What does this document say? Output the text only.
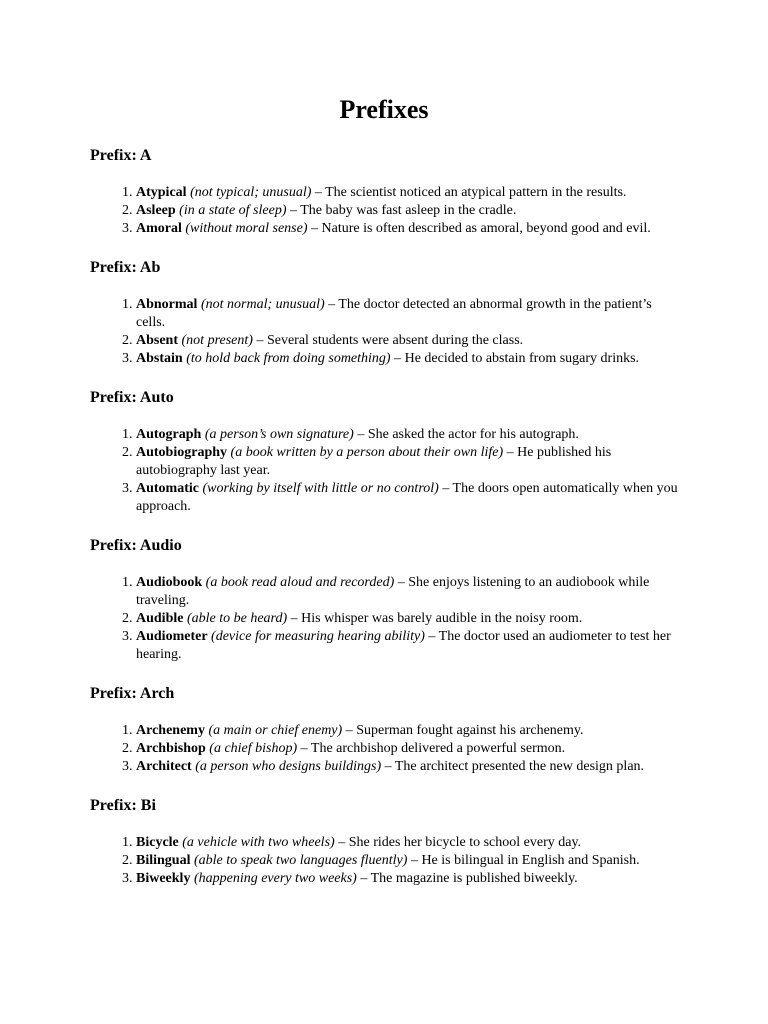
Prefixes
Prefix: A
1. Atypical (not typical; unusual) – The scientist noticed an atypical pattern in the results.
2. Asleep (in a state of sleep) – The baby was fast asleep in the cradle.
3. Amoral (without moral sense) – Nature is often described as amoral, beyond good and evil.
Prefix: Ab
1. Abnormal (not normal; unusual) – The doctor detected an abnormal growth in the patient’s cells.
2. Absent (not present) – Several students were absent during the class.
3. Abstain (to hold back from doing something) – He decided to abstain from sugary drinks.
Prefix: Auto
1. Autograph (a person’s own signature) – She asked the actor for his autograph.
2. Autobiography (a book written by a person about their own life) – He published his autobiography last year.
3. Automatic (working by itself with little or no control) – The doors open automatically when you approach.
Prefix: Audio
1. Audiobook (a book read aloud and recorded) – She enjoys listening to an audiobook while traveling.
2. Audible (able to be heard) – His whisper was barely audible in the noisy room.
3. Audiometer (device for measuring hearing ability) – The doctor used an audiometer to test her hearing.
Prefix: Arch
1. Archenemy (a main or chief enemy) – Superman fought against his archenemy.
2. Archbishop (a chief bishop) – The archbishop delivered a powerful sermon.
3. Architect (a person who designs buildings) – The architect presented the new design plan.
Prefix: Bi
1. Bicycle (a vehicle with two wheels) – She rides her bicycle to school every day.
2. Bilingual (able to speak two languages fluently) – He is bilingual in English and Spanish.
3. Biweekly (happening every two weeks) – The magazine is published biweekly.
